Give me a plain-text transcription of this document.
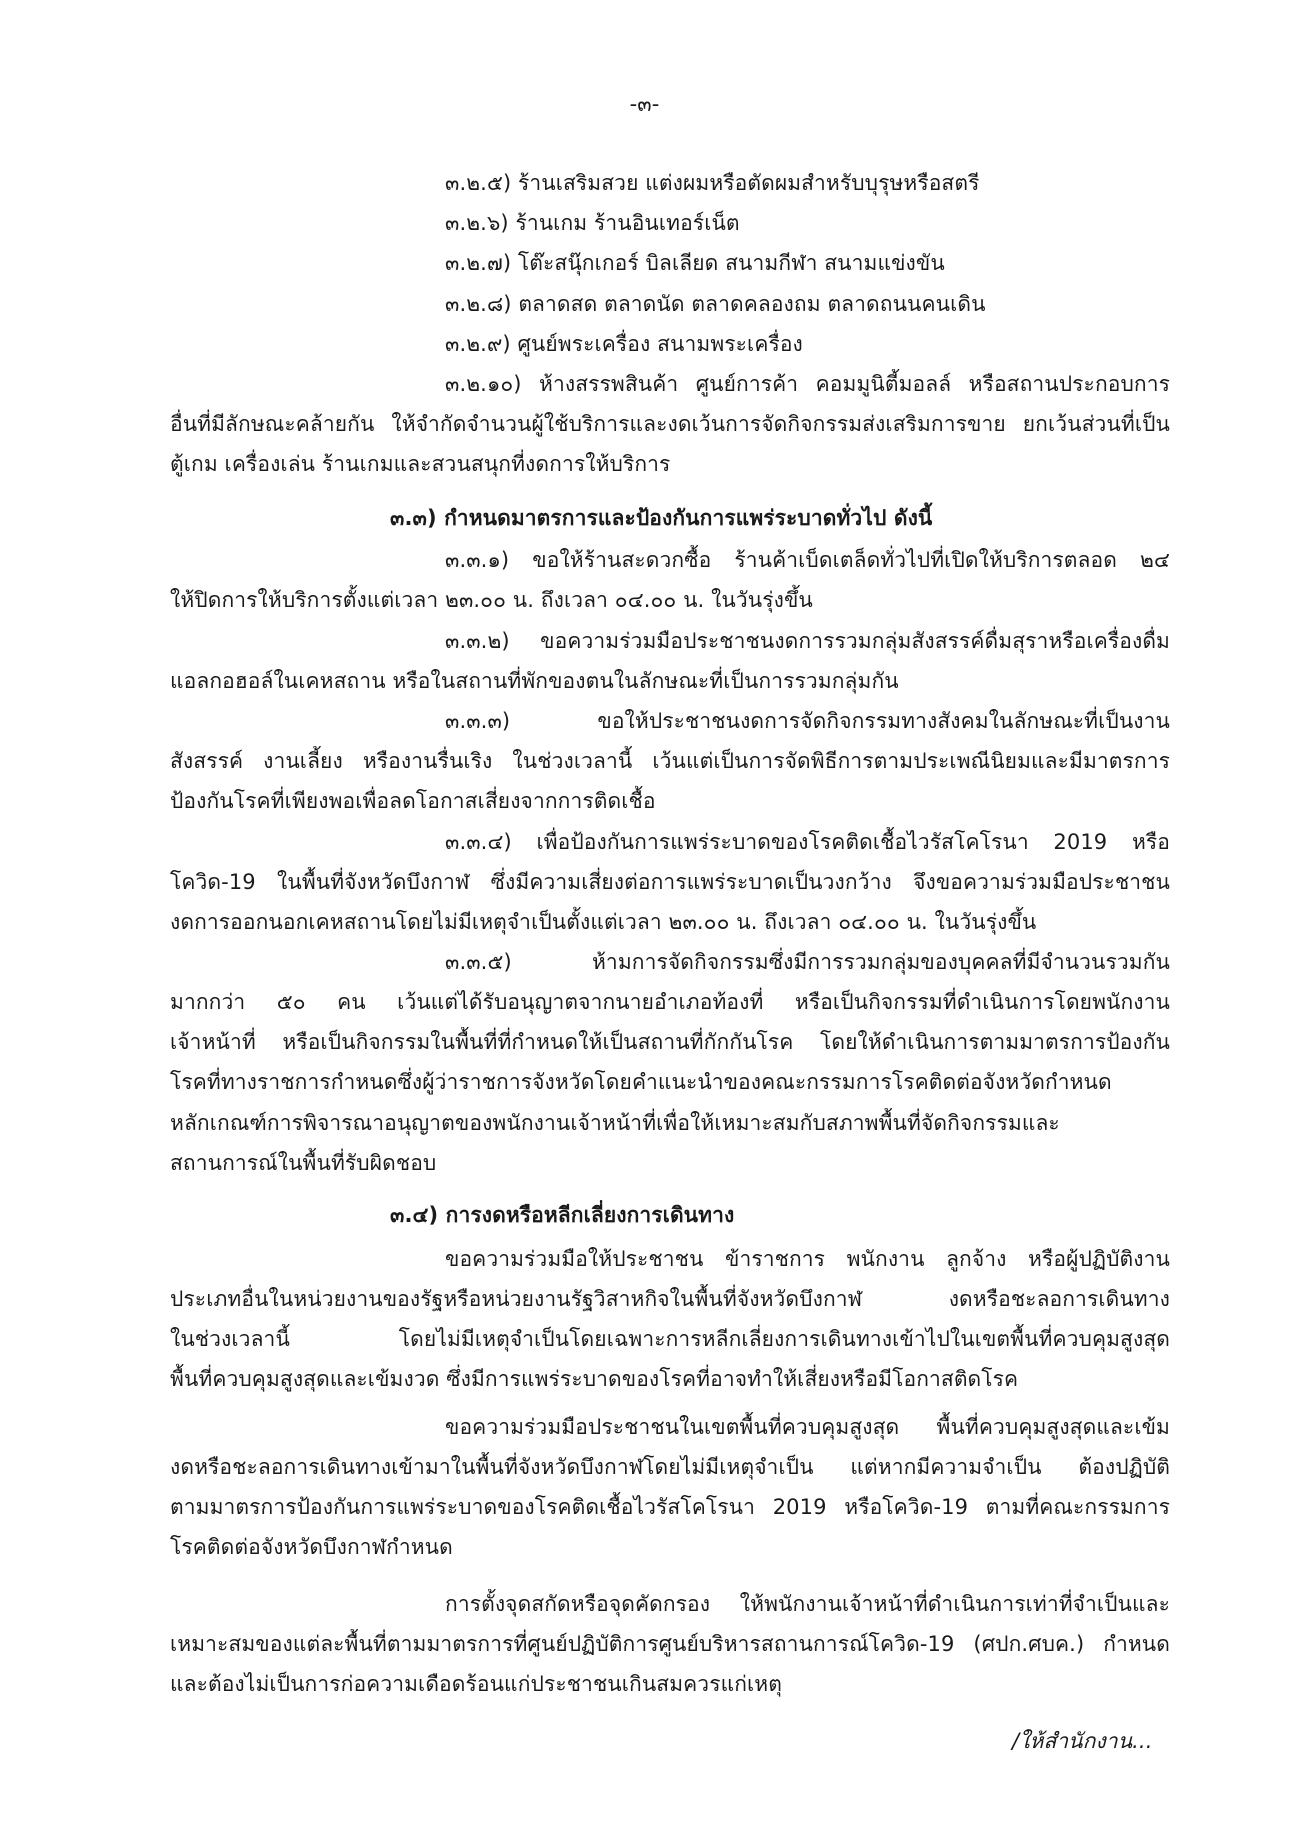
-๓-
๓.๒.๕) ร้านเสริมสวย แต่งผมหรือตัดผมสำหรับบุรุษหรือสตรี
๓.๒.๖) ร้านเกม ร้านอินเทอร์เน็ต
๓.๒.๗) โต๊ะสนุ๊กเกอร์ บิลเลียด สนามกีฬา สนามแข่งขัน
๓.๒.๘) ตลาดสด ตลาดนัด ตลาดคลองถม ตลาดถนนคนเดิน
๓.๒.๙) ศูนย์พระเครื่อง สนามพระเครื่อง
๓.๒.๑๐) ห้างสรรพสินค้า ศูนย์การค้า คอมมูนิตี้มอลล์ หรือสถานประกอบการ
อื่นที่มีลักษณะคล้ายกัน ให้จำกัดจำนวนผู้ใช้บริการและงดเว้นการจัดกิจกรรมส่งเสริมการขาย ยกเว้นส่วนที่เป็น
ตู้เกม เครื่องเล่น ร้านเกมและสวนสนุกที่งดการให้บริการ
๓.๓) กำหนดมาตรการและป้องกันการแพร่ระบาดทั่วไป ดังนี้
๓.๓.๑) ขอให้ร้านสะดวกซื้อ ร้านค้าเบ็ดเตล็ดทั่วไปที่เปิดให้บริการตลอด ๒๔
ให้ปิดการให้บริการตั้งแต่เวลา ๒๓.๐๐ น. ถึงเวลา ๐๔.๐๐ น. ในวันรุ่งขึ้น
๓.๓.๒) ขอความร่วมมือประชาชนงดการรวมกลุ่มสังสรรค์ดื่มสุราหรือเครื่องดื่ม
แอลกอฮอล์ในเคหสถาน หรือในสถานที่พักของตนในลักษณะที่เป็นการรวมกลุ่มกัน
๓.๓.๓) ขอให้ประชาชนงดการจัดกิจกรรมทางสังคมในลักษณะที่เป็นงาน
สังสรรค์ งานเลี้ยง หรืองานรื่นเริง ในช่วงเวลานี้ เว้นแต่เป็นการจัดพิธีการตามประเพณีนิยมและมีมาตรการ
ป้องกันโรคที่เพียงพอเพื่อลดโอกาสเสี่ยงจากการติดเชื้อ
๓.๓.๔) เพื่อป้องกันการแพร่ระบาดของโรคติดเชื้อไวรัสโคโรนา 2019 หรือ
โควิด-19 ในพื้นที่จังหวัดบึงกาฬ ซึ่งมีความเสี่ยงต่อการแพร่ระบาดเป็นวงกว้าง จึงขอความร่วมมือประชาชน
งดการออกนอกเคหสถานโดยไม่มีเหตุจำเป็นตั้งแต่เวลา ๒๓.๐๐ น. ถึงเวลา ๐๔.๐๐ น. ในวันรุ่งขึ้น
๓.๓.๕) ห้ามการจัดกิจกรรมซึ่งมีการรวมกลุ่มของบุคคลที่มีจำนวนรวมกัน
มากกว่า ๕๐ คน เว้นแต่ได้รับอนุญาตจากนายอำเภอท้องที่ หรือเป็นกิจกรรมที่ดำเนินการโดยพนักงาน
เจ้าหน้าที่ หรือเป็นกิจกรรมในพื้นที่ที่กำหนดให้เป็นสถานที่กักกันโรค โดยให้ดำเนินการตามมาตรการป้องกัน
โรคที่ทางราชการกำหนดซึ่งผู้ว่าราชการจังหวัดโดยคำแนะนำของคณะกรรมการโรคติดต่อจังหวัดกำหนด
หลักเกณฑ์การพิจารณาอนุญาตของพนักงานเจ้าหน้าที่เพื่อให้เหมาะสมกับสภาพพื้นที่จัดกิจกรรมและ
สถานการณ์ในพื้นที่รับผิดชอบ
๓.๔) การงดหรือหลีกเลี่ยงการเดินทาง
ขอความร่วมมือให้ประชาชน ข้าราชการ พนักงาน ลูกจ้าง หรือผู้ปฏิบัติงาน
ประเภทอื่นในหน่วยงานของรัฐหรือหน่วยงานรัฐวิสาหกิจในพื้นที่จังหวัดบึงกาฬ งดหรือชะลอการเดินทาง
ในช่วงเวลานี้ โดยไม่มีเหตุจำเป็นโดยเฉพาะการหลีกเลี่ยงการเดินทางเข้าไปในเขตพื้นที่ควบคุมสูงสุด
พื้นที่ควบคุมสูงสุดและเข้มงวด ซึ่งมีการแพร่ระบาดของโรคที่อาจทำให้เสี่ยงหรือมีโอกาสติดโรค
ขอความร่วมมือประชาชนในเขตพื้นที่ควบคุมสูงสุด พื้นที่ควบคุมสูงสุดและเข้ม
งดหรือชะลอการเดินทางเข้ามาในพื้นที่จังหวัดบึงกาฬโดยไม่มีเหตุจำเป็น แต่หากมีความจำเป็น ต้องปฏิบัติ
ตามมาตรการป้องกันการแพร่ระบาดของโรคติดเชื้อไวรัสโคโรนา 2019 หรือโควิด-19 ตามที่คณะกรรมการ
โรคติดต่อจังหวัดบึงกาฬกำหนด
การตั้งจุดสกัดหรือจุดคัดกรอง ให้พนักงานเจ้าหน้าที่ดำเนินการเท่าที่จำเป็นและ
เหมาะสมของแต่ละพื้นที่ตามมาตรการที่ศูนย์ปฏิบัติการศูนย์บริหารสถานการณ์โควิด-19 (ศปก.ศบค.) กำหนด
และต้องไม่เป็นการก่อความเดือดร้อนแก่ประชาชนเกินสมควรแก่เหตุ
/ให้สำนักงาน...
